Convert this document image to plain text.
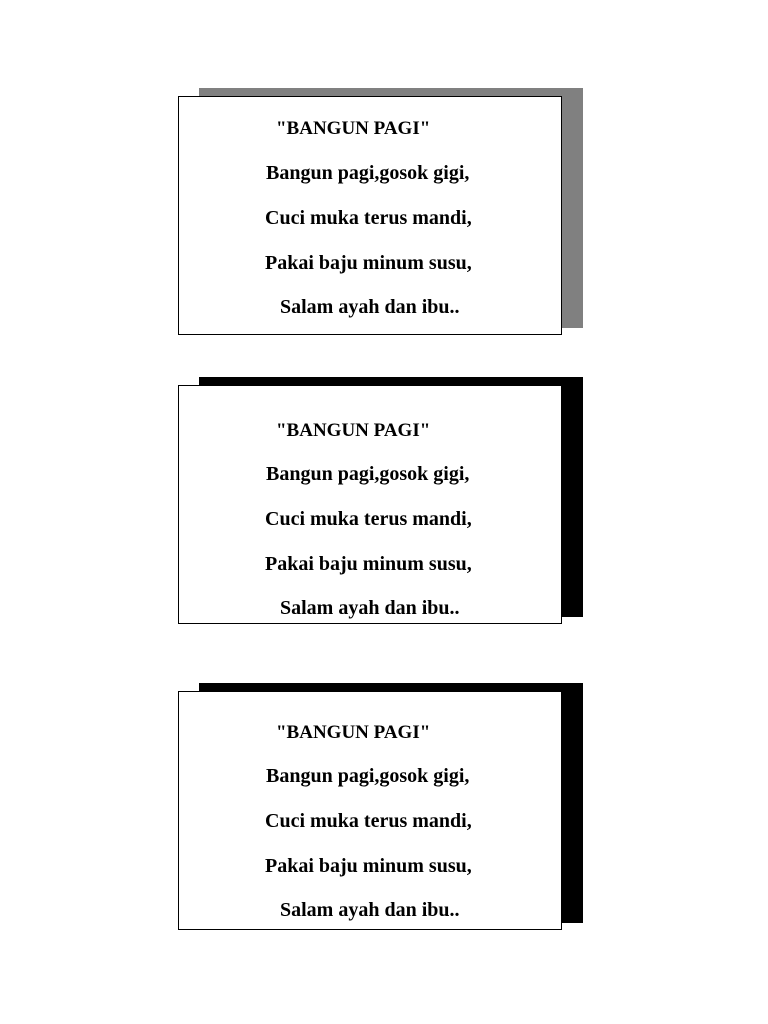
"BANGUN PAGI"

Bangun pagi,gosok gigi,

Cuci muka terus mandi,

Pakai baju minum susu,

Salam ayah dan ibu..

"BANGUN PAGI"

Bangun pagi,gosok gigi,

Cuci muka terus mandi,

Pakai baju minum susu,

Salam ayah dan ibu..

"BANGUN PAGI"

Bangun pagi,gosok gigi,

Cuci muka terus mandi,

Pakai baju minum susu,

Salam ayah dan ibu..
